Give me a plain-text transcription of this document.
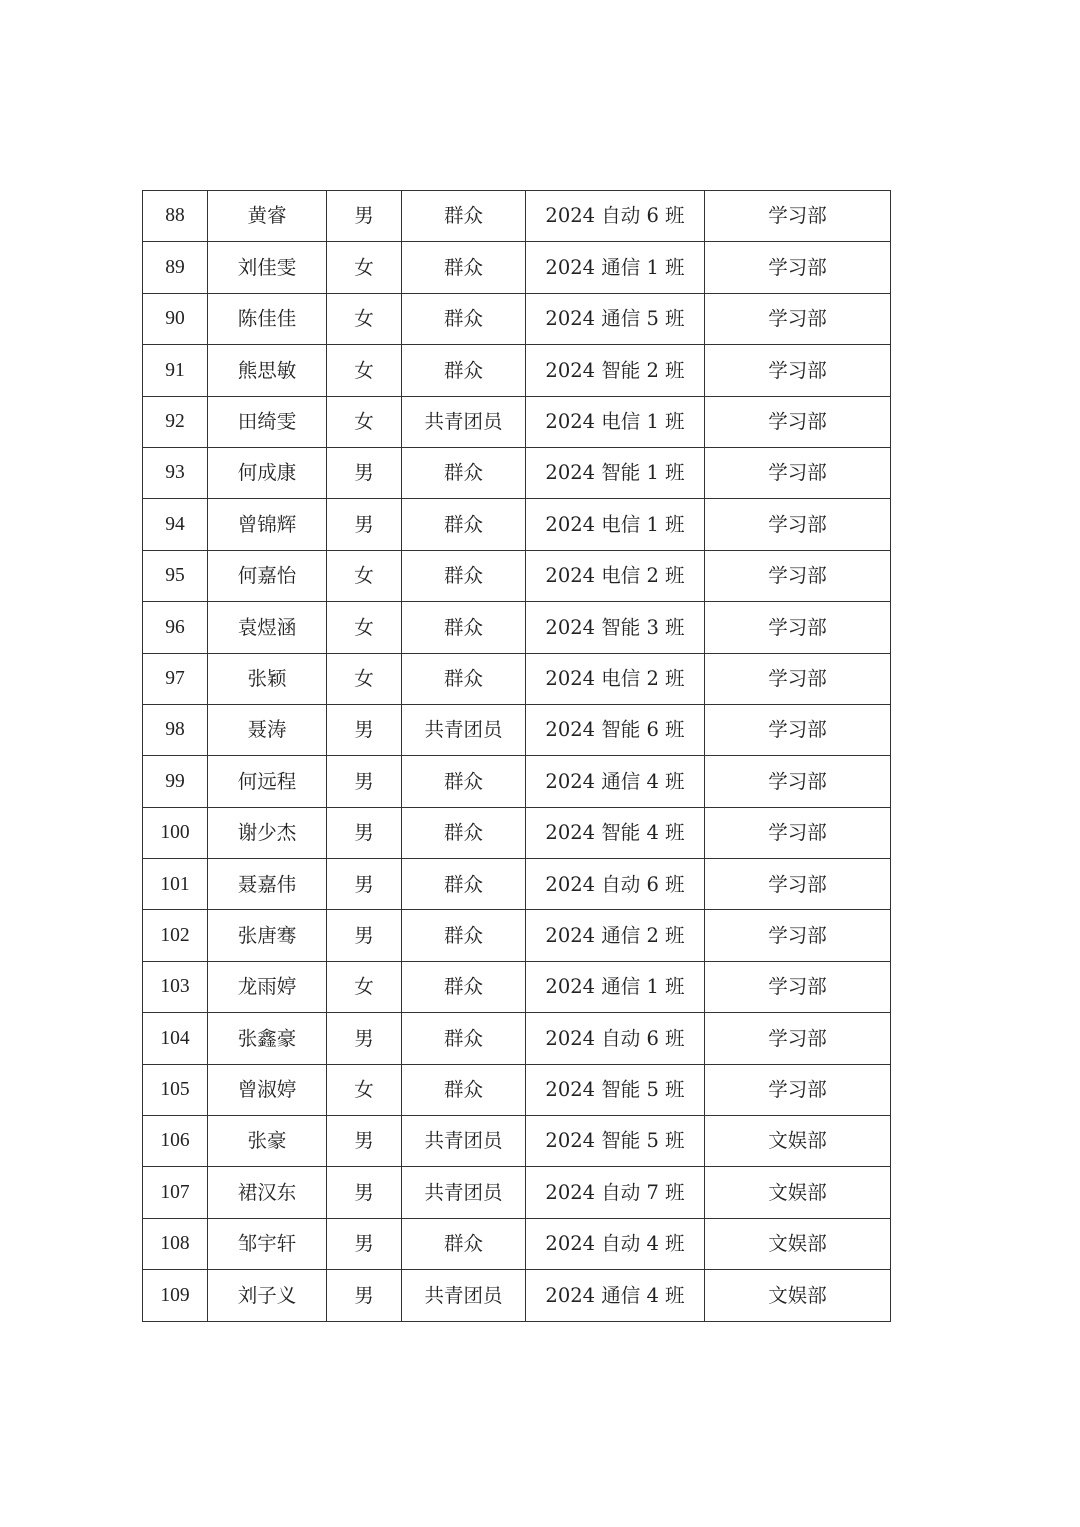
88	黄睿	男	群众	2024 自动 6 班	学习部
89	刘佳雯	女	群众	2024 通信 1 班	学习部
90	陈佳佳	女	群众	2024 通信 5 班	学习部
91	熊思敏	女	群众	2024 智能 2 班	学习部
92	田绮雯	女	共青团员	2024 电信 1 班	学习部
93	何成康	男	群众	2024 智能 1 班	学习部
94	曾锦辉	男	群众	2024 电信 1 班	学习部
95	何嘉怡	女	群众	2024 电信 2 班	学习部
96	袁煜涵	女	群众	2024 智能 3 班	学习部
97	张颖	女	群众	2024 电信 2 班	学习部
98	聂涛	男	共青团员	2024 智能 6 班	学习部
99	何远程	男	群众	2024 通信 4 班	学习部
100	谢少杰	男	群众	2024 智能 4 班	学习部
101	聂嘉伟	男	群众	2024 自动 6 班	学习部
102	张唐骞	男	群众	2024 通信 2 班	学习部
103	龙雨婷	女	群众	2024 通信 1 班	学习部
104	张鑫豪	男	群众	2024 自动 6 班	学习部
105	曾淑婷	女	群众	2024 智能 5 班	学习部
106	张豪	男	共青团员	2024 智能 5 班	文娱部
107	裙汉东	男	共青团员	2024 自动 7 班	文娱部
108	邹宇轩	男	群众	2024 自动 4 班	文娱部
109	刘子义	男	共青团员	2024 通信 4 班	文娱部
